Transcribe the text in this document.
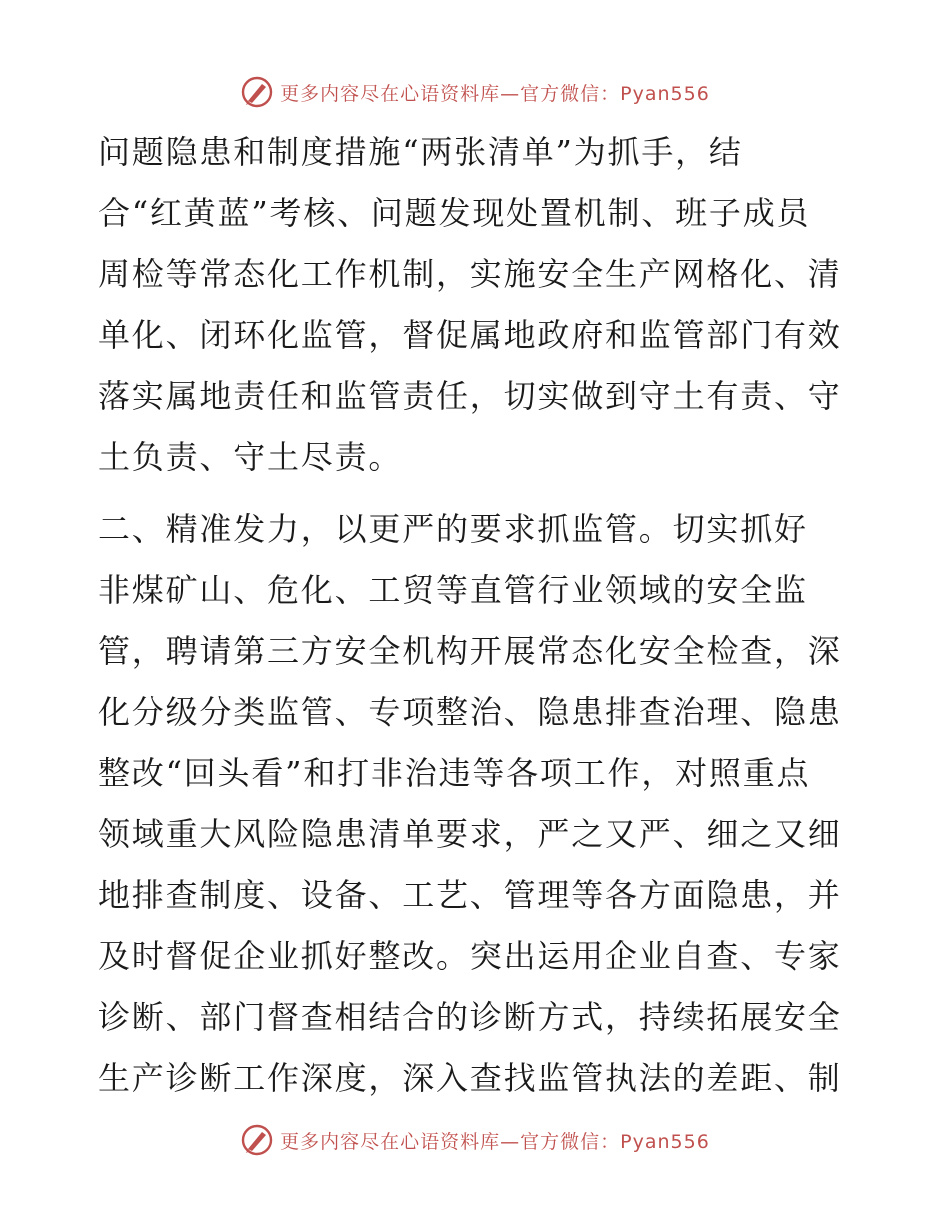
更多内容尽在心语资料库—官方微信：Pyan556
问题隐患和制度措施“两张清单”为抓手，结
合“红黄蓝”考核、问题发现处置机制、班子成员
周检等常态化工作机制，实施安全生产网格化、清
单化、闭环化监管，督促属地政府和监管部门有效
落实属地责任和监管责任，切实做到守土有责、守
土负责、守土尽责。
二、精准发力，以更严的要求抓监管。切实抓好
非煤矿山、危化、工贸等直管行业领域的安全监
管，聘请第三方安全机构开展常态化安全检查，深
化分级分类监管、专项整治、隐患排查治理、隐患
整改“回头看”和打非治违等各项工作，对照重点
领域重大风险隐患清单要求，严之又严、细之又细
地排查制度、设备、工艺、管理等各方面隐患，并
及时督促企业抓好整改。突出运用企业自查、专家
诊断、部门督查相结合的诊断方式，持续拓展安全
生产诊断工作深度，深入查找监管执法的差距、制
更多内容尽在心语资料库—官方微信：Pyan556
